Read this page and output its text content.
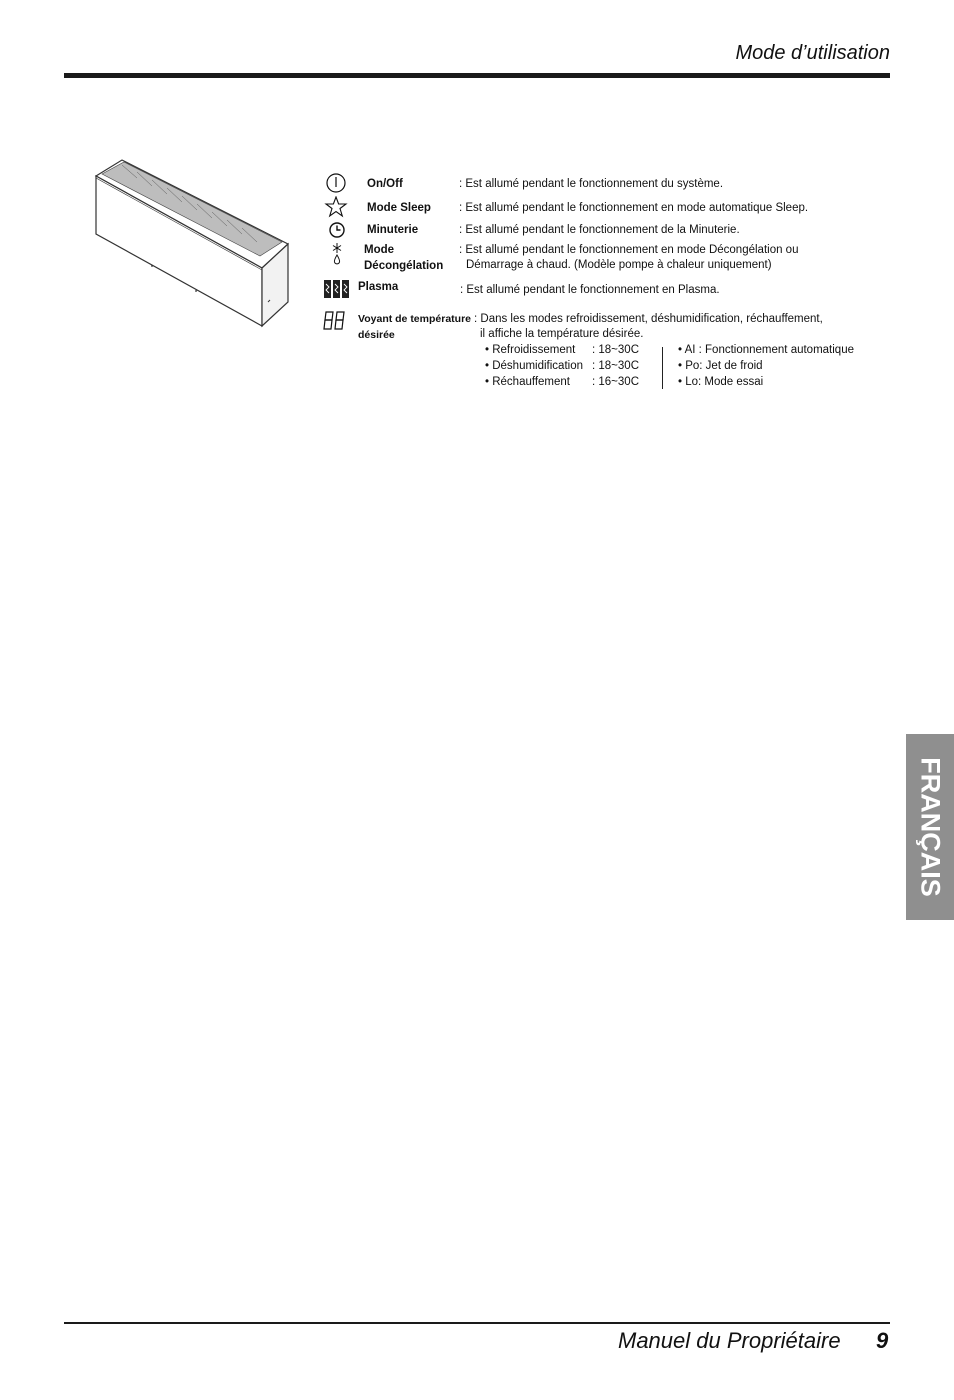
Mode d’utilisation
On/Off	: Est allumé pendant le fonctionnement du système.
Mode Sleep : Est allumé pendant le fonctionnement en mode automatique Sleep.
Minuterie	: Est allumé pendant le fonctionnement de la Minuterie.
Mode
Décongélation
: Est allumé pendant le fonctionnement en mode Décongélation ou
Démarrage à chaud. (Modèle pompe à chaleur uniquement)
Plasma	: Est allumé pendant le fonctionnement en Plasma.
Voyant de température
désirée
: Dans les modes refroidissement, déshumidification, réchauffement,
il affiche la température désirée.
• Refroidissement : 18~30C
• Déshumidification : 18~30C
• Réchauffement : 16~30C
• AI : Fonctionnement automatique
• Po: Jet de froid
• Lo: Mode essai
FRANÇAIS
Manuel du Propriétaire 9
